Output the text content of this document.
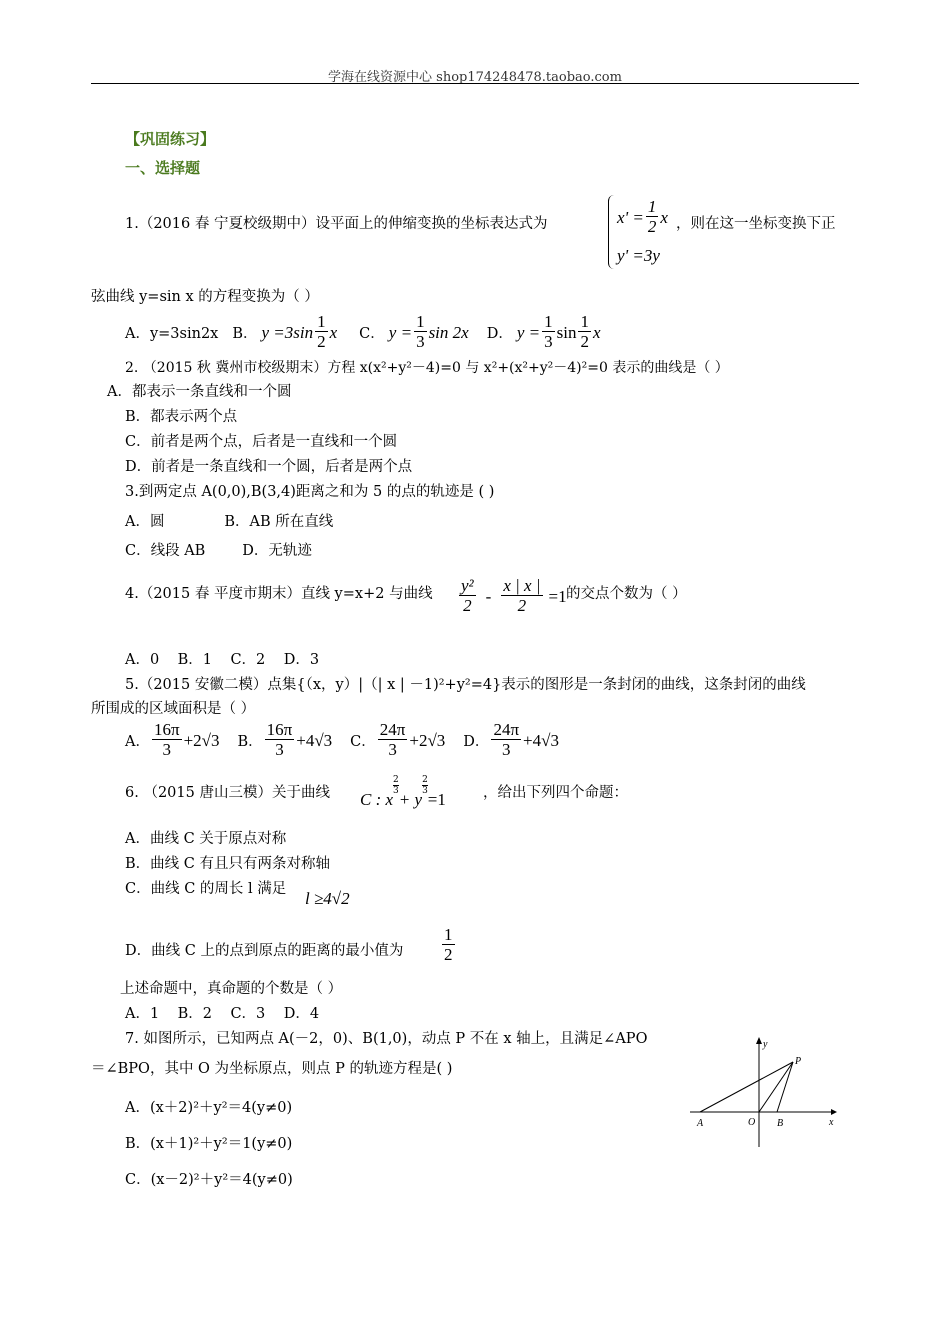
学海在线资源中心 shop174248478.taobao.com
【巩固练习】
一、选择题
1.（2016 春 宁夏校级期中）设平面上的伸缩变换的坐标表达式为	$x' = \frac{1}{2}$ x
y' =3y
，则在这一坐标变换下正
弦曲线 y=sin x 的方程变换为（ ）
A．y=3sin2x B． $y =3\sin \frac{1}{2}$ x C． $y = \frac{1}{3}$ sin 2x D． $y = \frac{1}{3}$ $\sin \frac{1}{2}$ x
2. （2015 秋 冀州市校级期末）方程 x(x²+y²－4)=0 与 x²+(x²+y²－4)²=0 表示的曲线是（ ）
A．都表示一条直线和一个圆
B．都表示两个点
C．前者是两个点，后者是一直线和一个圆
D．前者是一条直线和一个圆，后者是两个点
3.到两定点 A(0,0),B(3,4)距离之和为 5 的点的轨迹是 ( )
A．圆             B．AB 所在直线
C．线段 AB        D．无轨迹
4.（2015 春 平度市期末）直线 y=x+2 与曲线 $\frac{\text{y²}}{2} - \frac{x | x |}{2} =1$ 的交点个数为（ ）
A．0    B．1    C．2    D．3
5.（2015 安徽二模）点集{（x，y）|（| x | －1)²+y²=4}表示的图形是一条封闭的曲线，这条封闭的曲线
所围成的区域面积是（ ）
A． $\frac{16\pi}{3} +2√3$ B． $\frac{16\pi}{3} +4√3$ C． $\frac{24\pi}{3} +2√3$ D． $\frac{24\pi}{3} +4√3$
6. （2015 唐山三模）关于曲线 C : x
$\frac{2}{3}$
+ y
$\frac{2}{3}$
=1	，给出下列四个命题：
A．曲线 C 关于原点对称
B．曲线 C 有且只有两条对称轴
C．曲线 C 的周长 l 满足 l ≥4√2
D．曲线 C 上的点到原点的距离的最小值为 $\frac{1}{2}$
上述命题中，真命题的个数是（ ）
A．1    B．2    C．3    D．4
7. 如图所示，已知两点 A(－2，0)、B(1,0)，动点 P 不在 x 轴上，且满足∠APO
＝∠BPO，其中 O 为坐标原点，则点 P 的轨迹方程是( )
A．(x＋2)²＋y²＝4(y≠0)
B．(x＋1)²＋y²＝1(y≠0)
C．(x－2)²＋y²＝4(y≠0)
y
P
A	O B	x
